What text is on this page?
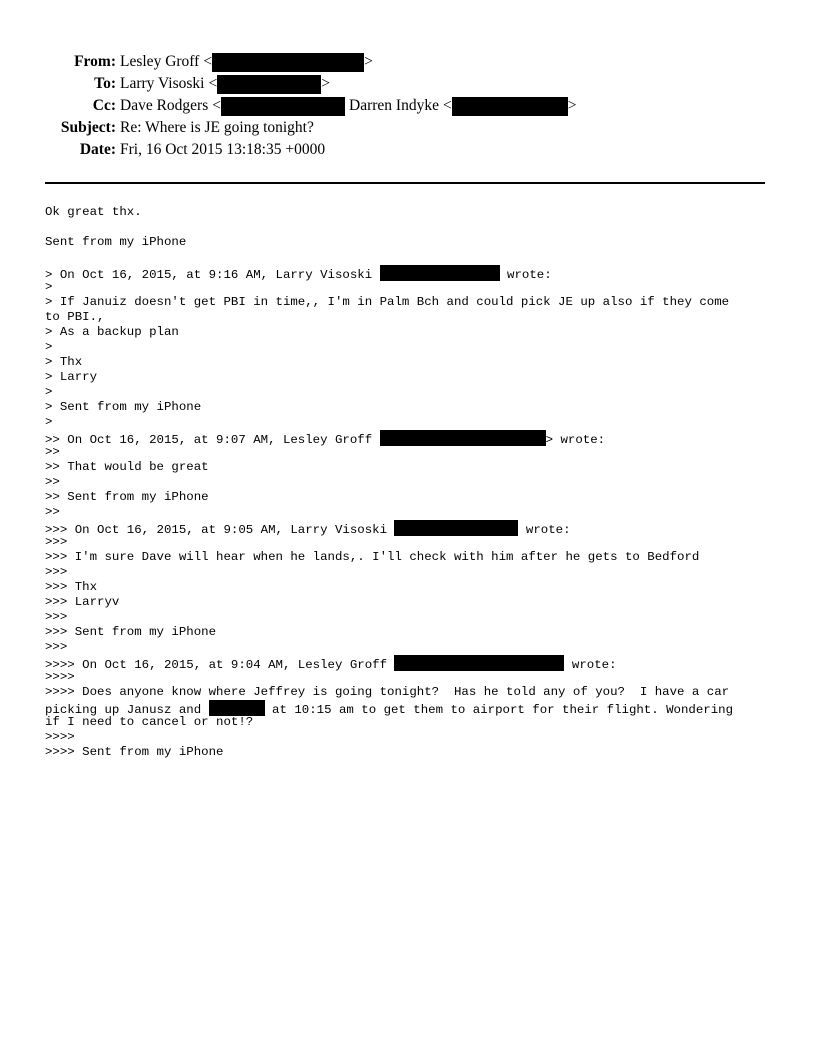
From: Lesley Groff <	>
To: Larry Visoski <	>
Cc: Dave Rodgers <	Darren Indyke <	>
Subject: Re: Where is JE going tonight?
Date: Fri, 16 Oct 2015 13:18:35 +0000
Ok great thx.
Sent from my iPhone
> On Oct 16, 2015, at 9:16 AM, Larry Visoski	wrote:
>
> If Januiz doesn't get PBI in time,, I'm in Palm Bch and could pick JE up also if they come
to PBI.,
> As a backup plan
>
> Thx
> Larry
>
> Sent from my iPhone
>
>> On Oct 16, 2015, at 9:07 AM, Lesley Groff	> wrote:
>>
>> That would be great
>>
>> Sent from my iPhone
>>
>>> On Oct 16, 2015, at 9:05 AM, Larry Visoski	wrote:
>>>
>>> I'm sure Dave will hear when he lands,. I'll check with him after he gets to Bedford
>>>
>>> Thx
>>> Larryv
>>>
>>> Sent from my iPhone
>>>
>>>> On Oct 16, 2015, at 9:04 AM, Lesley Groff	wrote:
>>>>
>>>> Does anyone know where Jeffrey is going tonight?  Has he told any of you?  I have a car
picking up Janusz and	at 10:15 am to get them to airport for their flight. Wondering
if I need to cancel or not!?
>>>>
>>>> Sent from my iPhone
